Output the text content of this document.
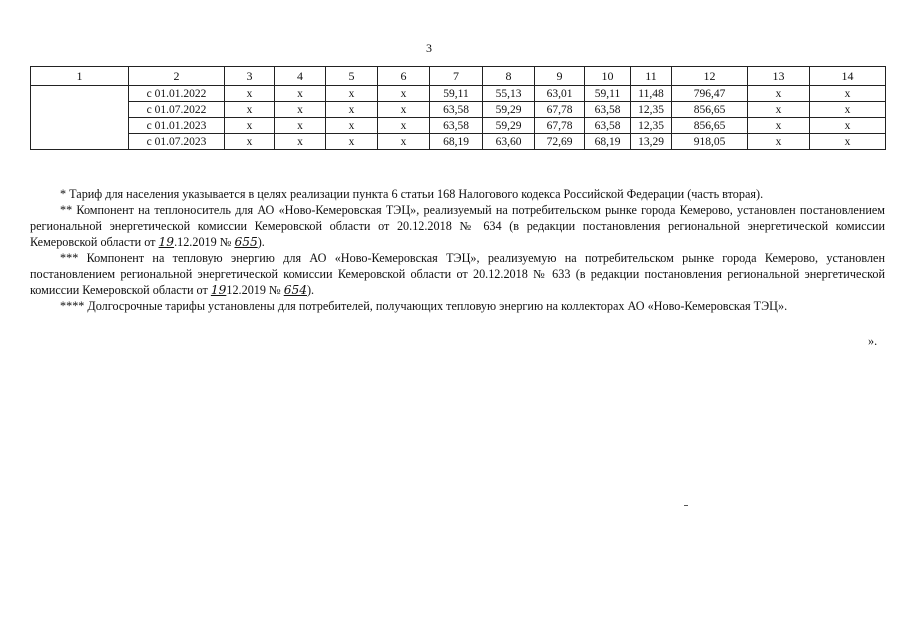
3
1	2	3	4	5	6	7	8	9	10	11	12	13	14
	с 01.01.2022	х	х	х	х	59,11	55,13	63,01	59,11	11,48	796,47	х	х
	с 01.07.2022	х	х	х	х	63,58	59,29	67,78	63,58	12,35	856,65	х	х
	с 01.01.2023	х	х	х	х	63,58	59,29	67,78	63,58	12,35	856,65	х	х
	с 01.07.2023	х	х	х	х	68,19	63,60	72,69	68,19	13,29	918,05	х	х

* Тариф для населения указывается в целях реализации пункта 6 статьи 168 Налогового кодекса Российской Федерации (часть вторая).

** Компонент на теплоноситель для АО «Ново-Кемеровская ТЭЦ», реализуемый на потребительском рынке города Кемерово, установлен постановлением региональной энергетической комиссии Кемеровской области от 20.12.2018 № 634 (в редакции постановления региональной энергетической комиссии Кемеровской области от 19.12.2019 № 655).

*** Компонент на тепловую энергию для АО «Ново-Кемеровская ТЭЦ», реализуемую на потребительском рынке города Кемерово, установлен постановлением региональной энергетической комиссии Кемеровской области от 20.12.2018 № 633 (в редакции постановления региональной энергетической комиссии Кемеровской области от 1912.2019 № 654).

**** Долгосрочные тарифы установлены для потребителей, получающих тепловую энергию на коллекторах АО «Ново-Кемеровская ТЭЦ».

».
